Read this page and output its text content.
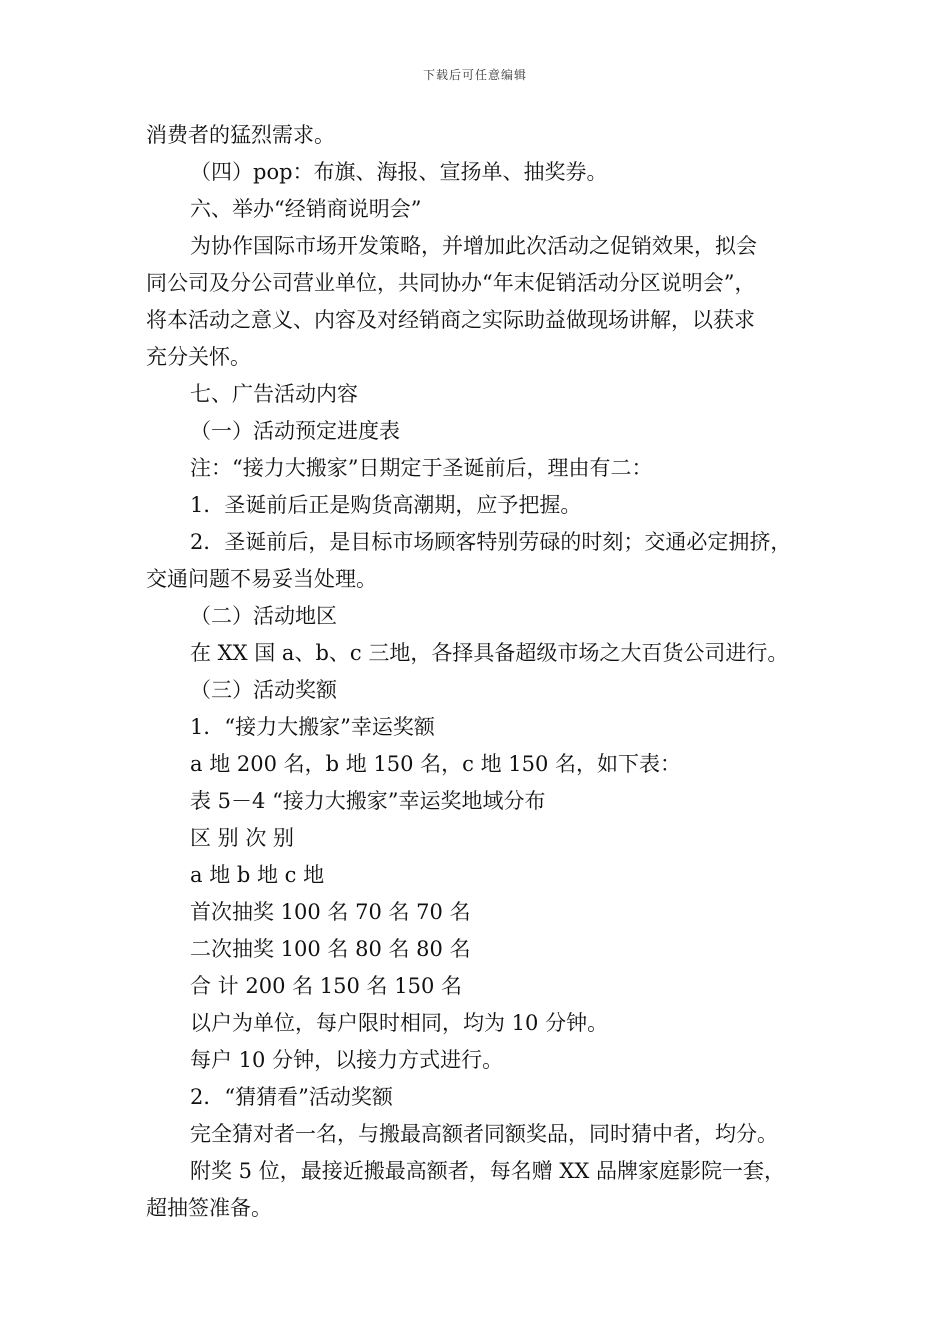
下载后可任意编辑

消费者的猛烈需求。

（四）pop：布旗、海报、宣扬单、抽奖券。

六、举办“经销商说明会”

为协作国际市场开发策略，并增加此次活动之促销效果，拟会

同公司及分公司营业单位，共同协办“年末促销活动分区说明会”，

将本活动之意义、内容及对经销商之实际助益做现场讲解，以获求

充分关怀。

七、广告活动内容

（一）活动预定进度表

注：“接力大搬家”日期定于圣诞前后，理由有二：

1．圣诞前后正是购货高潮期，应予把握。

2．圣诞前后，是目标市场顾客特别劳碌的时刻；交通必定拥挤，

交通问题不易妥当处理。

（二）活动地区

在 XX 国 a、b、c 三地，各择具备超级市场之大百货公司进行。

（三）活动奖额

1．“接力大搬家”幸运奖额

a 地 200 名，b 地 150 名，c 地 150 名，如下表：

表 5－4 “接力大搬家”幸运奖地域分布

区 别 次 别

a 地 b 地 c 地

首次抽奖 100 名 70 名 70 名

二次抽奖 100 名 80 名 80 名

合 计 200 名 150 名 150 名

以户为单位，每户限时相同，均为 10 分钟。

每户 10 分钟，以接力方式进行。

2．“猜猜看”活动奖额

完全猜对者一名，与搬最高额者同额奖品，同时猜中者，均分。

附奖 5 位，最接近搬最高额者，每名赠 XX 品牌家庭影院一套，

超抽签准备。
